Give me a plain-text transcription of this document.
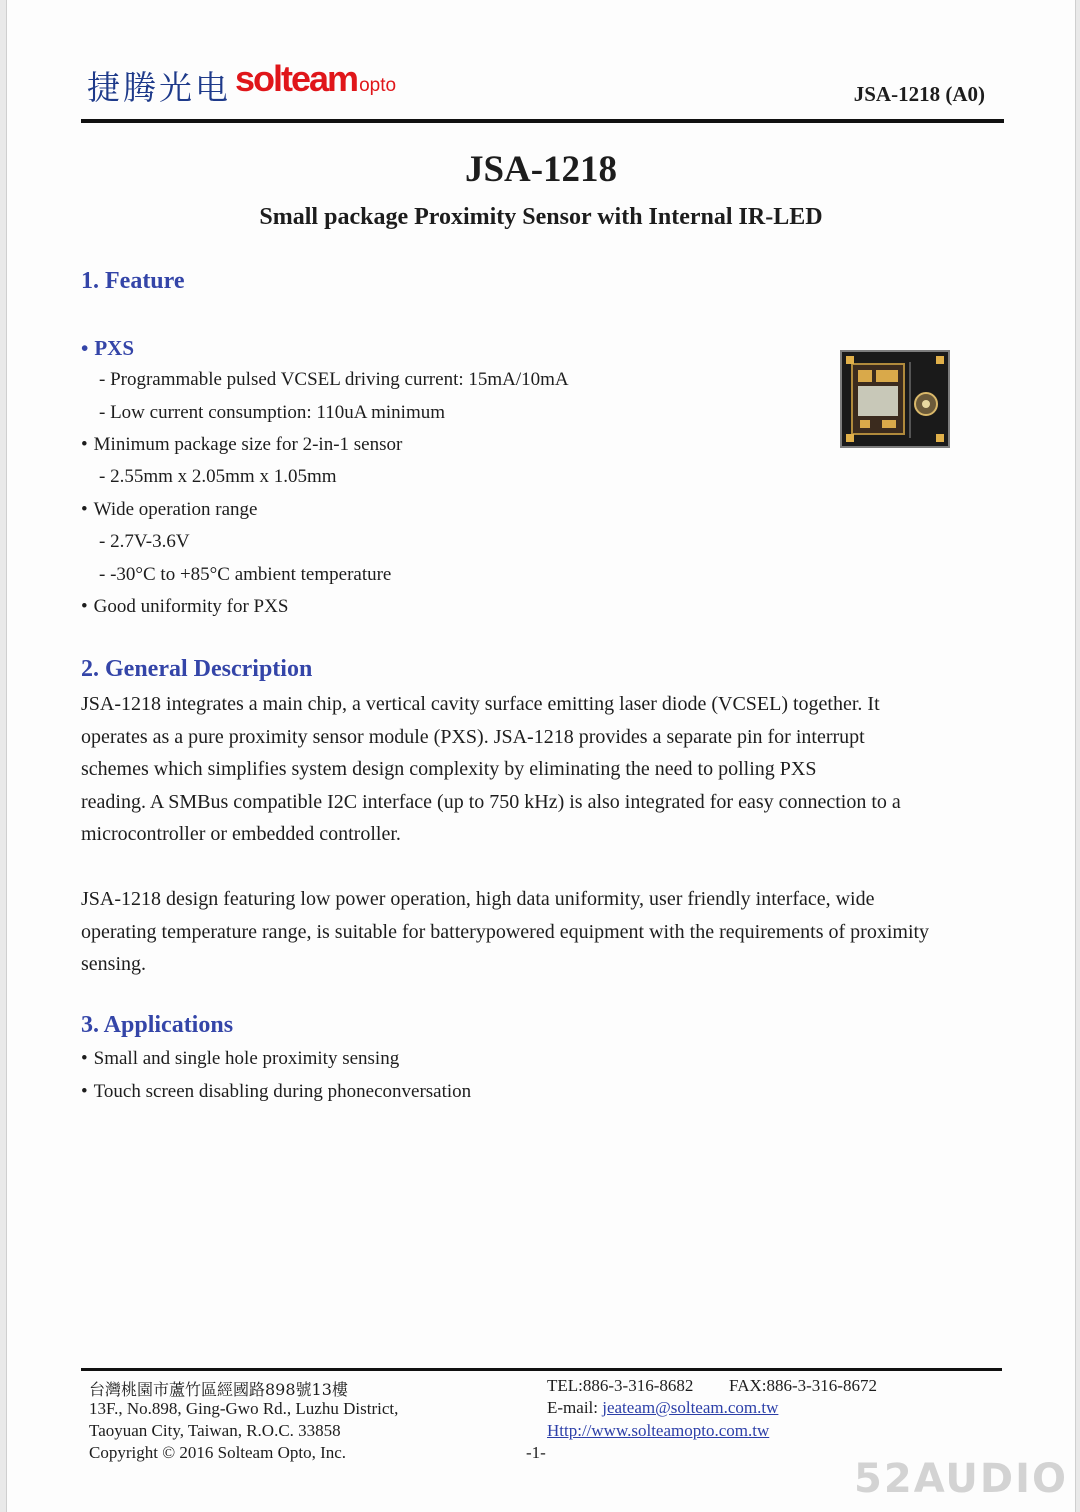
捷腾光电 solteam opto	JSA-1218 (A0)
JSA-1218
Small package Proximity Sensor with Internal IR-LED
1. Feature
• PXS
- Programmable pulsed VCSEL driving current: 15mA/10mA
- Low current consumption: 110uA minimum
• Minimum package size for 2-in-1 sensor
- 2.55mm x 2.05mm x 1.05mm
• Wide operation range
- 2.7V-3.6V
- -30°C to +85°C ambient temperature
• Good uniformity for PXS
2. General Description
JSA-1218 integrates a main chip, a vertical cavity surface emitting laser diode (VCSEL) together. It
operates as a pure proximity sensor module (PXS). JSA-1218 provides a separate pin for interrupt
schemes which simplifies system design complexity by eliminating the need to polling PXS
reading. A SMBus compatible I2C interface (up to 750 kHz) is also integrated for easy connection to a
microcontroller or embedded controller.
JSA-1218 design featuring low power operation, high data uniformity, user friendly interface, wide
operating temperature range, is suitable for batterypowered equipment with the requirements of proximity
sensing.
3. Applications
• Small and single hole proximity sensing
• Touch screen disabling during phoneconversation
台灣桃園市蘆竹區經國路898號13樓
13F., No.898, Ging-Gwo Rd., Luzhu District,
Taoyuan City, Taiwan, R.O.C. 33858
Copyright © 2016 Solteam Opto, Inc.
TEL:886-3-316-8682 FAX:886-3-316-8672
E-mail: jeateam@solteam.com.tw
Http://www.solteamopto.com.tw
-1-
52AUDIO
